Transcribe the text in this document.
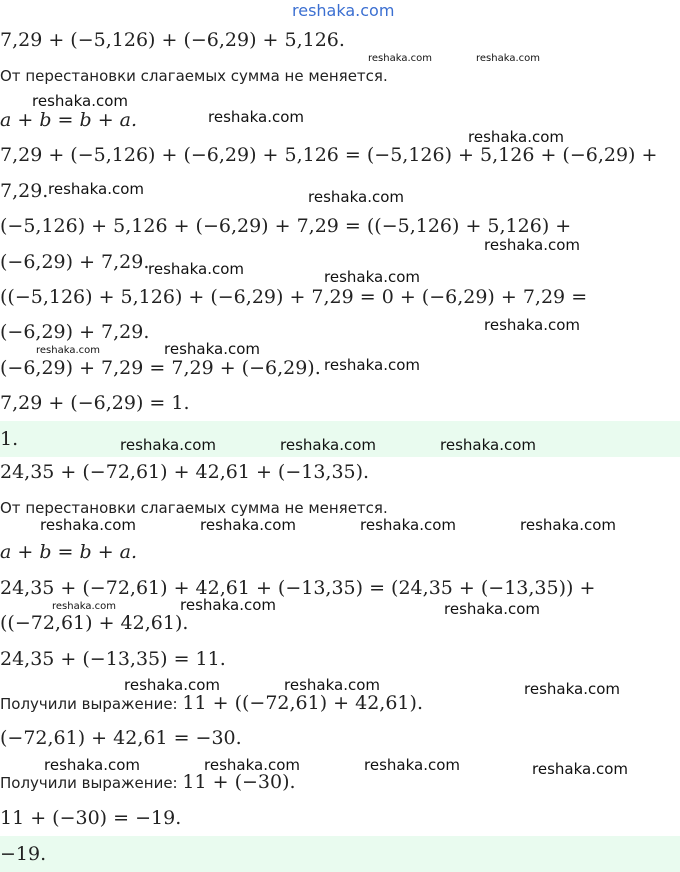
reshaka.com
7,29 + (−5,126) + (−6,29) + 5,126.
От перестановки слагаемых сумма не меняется.
a + b = b + a.
7,29 + (−5,126) + (−6,29) + 5,126 = (−5,126) + 5,126 + (−6,29) +
7,29.
(−5,126) + 5,126 + (−6,29) + 7,29 = ((−5,126) + 5,126) +
(−6,29) + 7,29.
((−5,126) + 5,126) + (−6,29) + 7,29 = 0 + (−6,29) + 7,29 =
(−6,29) + 7,29.
(−6,29) + 7,29 = 7,29 + (−6,29).
7,29 + (−6,29) = 1.
1.
24,35 + (−72,61) + 42,61 + (−13,35).
От перестановки слагаемых сумма не меняется.
a + b = b + a.
24,35 + (−72,61) + 42,61 + (−13,35) = (24,35 + (−13,35)) +
((−72,61) + 42,61).
24,35 + (−13,35) = 11.
Получили выражение: 11 + ((−72,61) + 42,61).
(−72,61) + 42,61 = −30.
Получили выражение: 11 + (−30).
11 + (−30) = −19.
−19.
reshaka.com	reshaka.com
reshaka.com
reshaka.com
reshaka.com
reshaka.com	reshaka.com
reshaka.com
reshaka.com	reshaka.com
reshaka.com
reshaka.com	reshaka.com
reshaka.com
reshaka.com	reshaka.com	reshaka.com
reshaka.com	reshaka.com	reshaka.com	reshaka.com
reshaka.com	reshaka.com	reshaka.com
reshaka.com	reshaka.com	reshaka.com
reshaka.com	reshaka.com	reshaka.com	reshaka.com
